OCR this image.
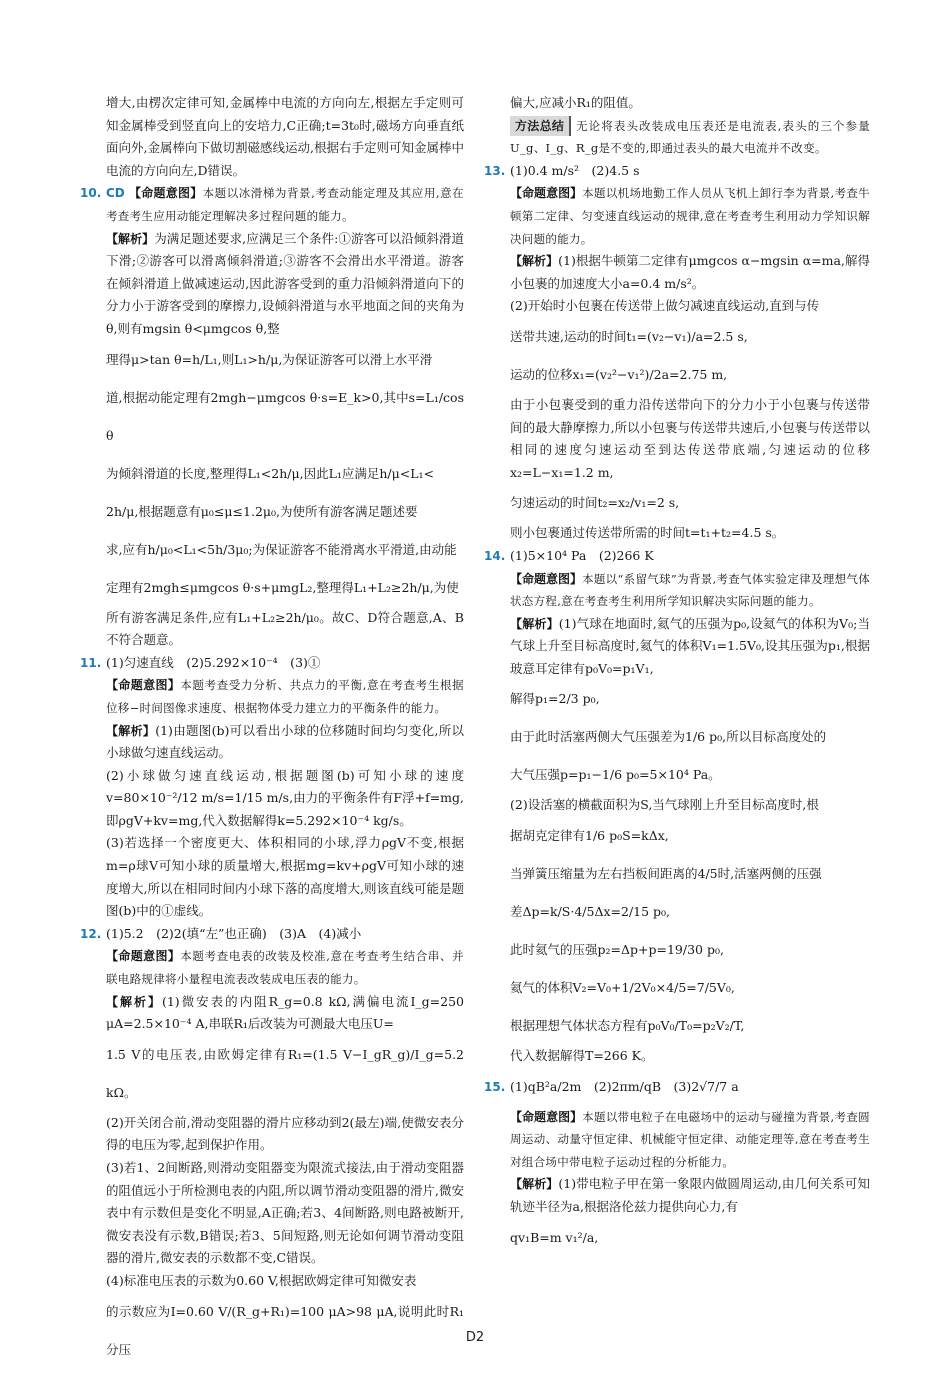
增大,由楞次定律可知,金属棒中电流的方向向左,根据左手定则可知金属棒受到竖直向上的安培力,C正确;t=3t₀时,磁场方向垂直纸面向外,金属棒向下做切割磁感线运动,根据右手定则可知金属棒中电流的方向向左,D错误。

10. CD 【命题意图】本题以冰滑梯为背景,考查动能定理及其应用,意在考查考生应用动能定理解决多过程问题的能力。

【解析】为满足题述要求,应满足三个条件:①游客可以沿倾斜滑道下滑;②游客可以滑离倾斜滑道;③游客不会滑出水平滑道。游客在倾斜滑道上做减速运动,因此游客受到的重力沿倾斜滑道向下的分力小于游客受到的摩擦力,设倾斜滑道与水平地面之间的夹角为θ,则有mgsin θ<μmgcos θ,整

理得μ>tan θ=h/L₁,则L₁>h/μ,为保证游客可以滑上水平滑

道,根据动能定理有2mgh−μmgcos θ·s=E_k>0,其中s=L₁/cos θ

为倾斜滑道的长度,整理得L₁<2h/μ,因此L₁应满足h/μ<L₁<

2h/μ,根据题意有μ₀≤μ≤1.2μ₀,为使所有游客满足题述要

求,应有h/μ₀<L₁<5h/3μ₀;为保证游客不能滑离水平滑道,由动能

定理有2mgh≤μmgcos θ·s+μmgL₂,整理得L₁+L₂≥2h/μ,为使

所有游客满足条件,应有L₁+L₂≥2h/μ₀。故C、D符合题意,A、B不符合题意。

11. (1)匀速直线　(2)5.292×10⁻⁴　(3)①

【命题意图】本题考查受力分析、共点力的平衡,意在考查考生根据位移−时间图像求速度、根据物体受力建立力的平衡条件的能力。

【解析】(1)由题图(b)可以看出小球的位移随时间均匀变化,所以小球做匀速直线运动。

(2)小球做匀速直线运动,根据题图(b)可知小球的速度v=80×10⁻²/12 m/s=1/15 m/s,由力的平衡条件有F浮+f=mg,即ρgV+kv=mg,代入数据解得k=5.292×10⁻⁴ kg/s。

(3)若选择一个密度更大、体积相同的小球,浮力ρgV不变,根据m=ρ球V可知小球的质量增大,根据mg=kv+ρgV可知小球的速度增大,所以在相同时间内小球下落的高度增大,则该直线可能是题图(b)中的①虚线。

12. (1)5.2　(2)2(填“左”也正确)　(3)A　(4)减小

【命题意图】本题考查电表的改装及校准,意在考查考生结合串、并联电路规律将小量程电流表改装成电压表的能力。

【解析】(1)微安表的内阻R_g=0.8 kΩ,满偏电流I_g=250 μA=2.5×10⁻⁴ A,串联R₁后改装为可测最大电压U=

1.5 V的电压表,由欧姆定律有R₁=(1.5 V−I_gR_g)/I_g=5.2 kΩ。

(2)开关闭合前,滑动变阻器的滑片应移动到2(最左)端,使微安表分得的电压为零,起到保护作用。

(3)若1、2间断路,则滑动变阻器变为限流式接法,由于滑动变阻器的阻值远小于所检测电表的内阻,所以调节滑动变阻器的滑片,微安表中有示数但是变化不明显,A正确;若3、4间断路,则电路被断开,微安表没有示数,B错误;若3、5间短路,则无论如何调节滑动变阻器的滑片,微安表的示数都不变,C错误。

(4)标准电压表的示数为0.60 V,根据欧姆定律可知微安表

的示数应为I=0.60 V/(R_g+R₁)=100 μA>98 μA,说明此时R₁分压

偏大,应减小R₁的阻值。

方法总结 无论将表头改装成电压表还是电流表,表头的三个参量U_g、I_g、R_g是不变的,即通过表头的最大电流并不改变。

13. (1)0.4 m/s²　(2)4.5 s

【命题意图】本题以机场地勤工作人员从飞机上卸行李为背景,考查牛顿第二定律、匀变速直线运动的规律,意在考查考生利用动力学知识解决问题的能力。

【解析】(1)根据牛顿第二定律有μmgcos α−mgsin α=ma,解得小包裹的加速度大小a=0.4 m/s²。

(2)开始时小包裹在传送带上做匀减速直线运动,直到与传

送带共速,运动的时间t₁=(v₂−v₁)/a=2.5 s,

运动的位移x₁=(v₂²−v₁²)/2a=2.75 m,

由于小包裹受到的重力沿传送带向下的分力小于小包裹与传送带间的最大静摩擦力,所以小包裹与传送带共速后,小包裹与传送带以相同的速度匀速运动至到达传送带底端,匀速运动的位移x₂=L−x₁=1.2 m,

匀速运动的时间t₂=x₂/v₁=2 s,

则小包裹通过传送带所需的时间t=t₁+t₂=4.5 s。

14. (1)5×10⁴ Pa　(2)266 K

【命题意图】本题以“系留气球”为背景,考查气体实验定律及理想气体状态方程,意在考查考生利用所学知识解决实际问题的能力。

【解析】(1)气球在地面时,氦气的压强为p₀,设氦气的体积为V₀;当气球上升至目标高度时,氦气的体积V₁=1.5V₀,设其压强为p₁,根据玻意耳定律有p₀V₀=p₁V₁,

解得p₁=2/3 p₀,

由于此时活塞两侧大气压强差为1/6 p₀,所以目标高度处的

大气压强p=p₁−1/6 p₀=5×10⁴ Pa。

(2)设活塞的横截面积为S,当气球刚上升至目标高度时,根

据胡克定律有1/6 p₀S=kΔx,

当弹簧压缩量为左右挡板间距离的4/5时,活塞两侧的压强

差Δp=k/S·4/5Δx=2/15 p₀,

此时氦气的压强p₂=Δp+p=19/30 p₀,

氦气的体积V₂=V₀+1/2V₀×4/5=7/5V₀,

根据理想气体状态方程有p₀V₀/T₀=p₂V₂/T,

代入数据解得T=266 K。

15. (1)qB²a/2m　(2)2πm/qB　(3)2√7/7 a

【命题意图】本题以带电粒子在电磁场中的运动与碰撞为背景,考查圆周运动、动量守恒定律、机械能守恒定律、动能定理等,意在考查考生对组合场中带电粒子运动过程的分析能力。

【解析】(1)带电粒子甲在第一象限内做圆周运动,由几何关系可知轨迹半径为a,根据洛伦兹力提供向心力,有

qv₁B=m v₁²/a,

D2
